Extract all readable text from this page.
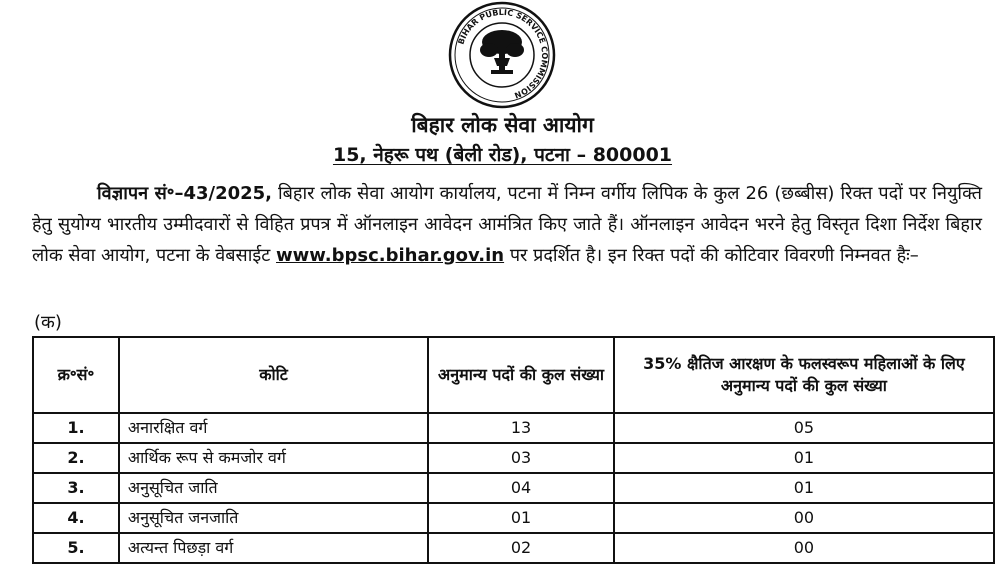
BIHAR PUBLIC SERVICE COMMISSION
बिहार लोक सेवा आयोग
15, नेहरू पथ (बेली रोड), पटना – 800001

विज्ञापन सं॰–43/2025, बिहार लोक सेवा आयोग कार्यालय, पटना में निम्न वर्गीय लिपिक के कुल 26 (छब्बीस) रिक्त पदों पर नियुक्ति हेतु सुयोग्य भारतीय उम्मीदवारों से विहित प्रपत्र में ऑनलाइन आवेदन आमंत्रित किए जाते हैं। ऑनलाइन आवेदन भरने हेतु विस्तृत दिशा निर्देश बिहार लोक सेवा आयोग, पटना के वेबसाईट www.bpsc.bihar.gov.in पर प्रदर्शित है। इन रिक्त पदों की कोटिवार विवरणी निम्नवत हैः–

(क)
क्र॰सं॰	कोटि	अनुमान्य पदों की कुल संख्या	35% क्षैतिज आरक्षण के फलस्वरूप महिलाओं के लिए अनुमान्य पदों की कुल संख्या
1.	अनारक्षित वर्ग	13	05
2.	आर्थिक रूप से कमजोर वर्ग	03	01
3.	अनुसूचित जाति	04	01
4.	अनुसूचित जनजाति	01	00
5.	अत्यन्त पिछड़ा वर्ग	02	00
